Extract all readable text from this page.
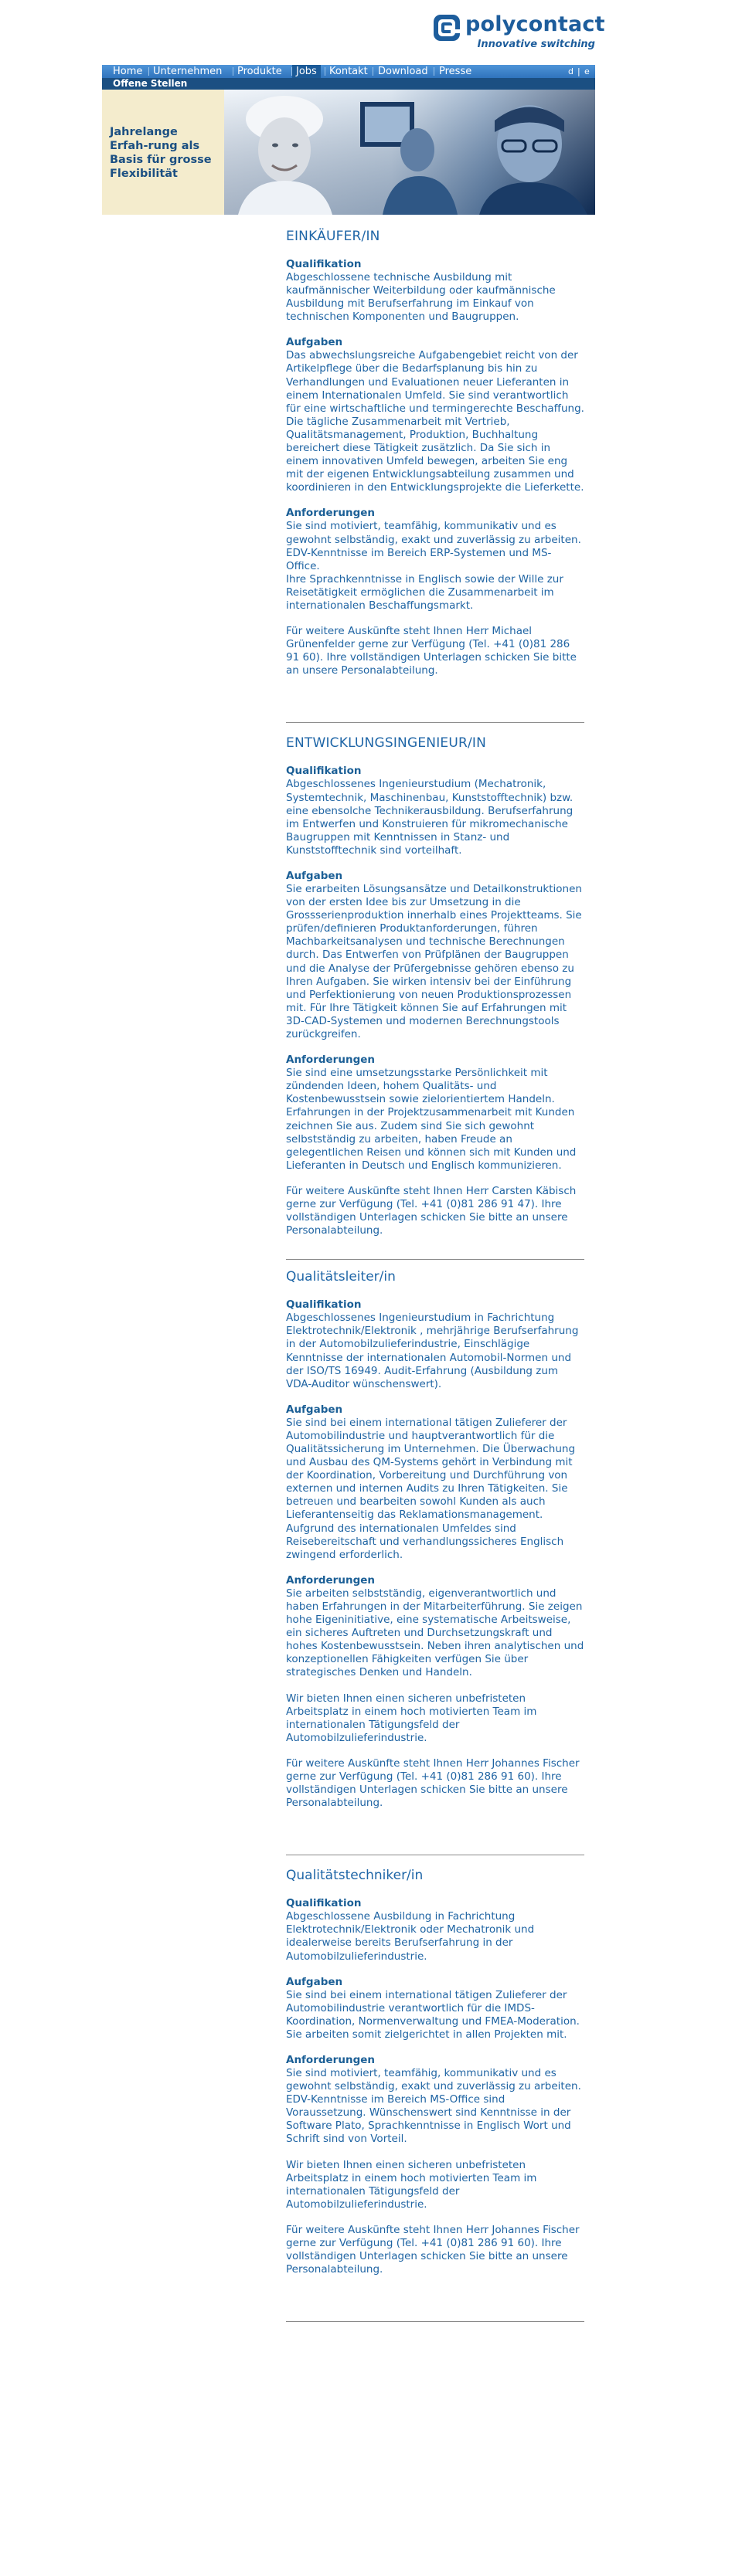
polycontact
Innovative switching
Home Unternehmen Produkte	Jobs	Kontakt Download Presse	d | e
Offene Stellen
Jahrelange Erfah-rung als Basis für grosse Flexibilität
EINKÄUFER/IN

Qualifikation

Abgeschlossene technische Ausbildung mit kaufmännischer Weiterbildung oder kaufmännische Ausbildung mit Berufserfahrung im Einkauf von technischen Komponenten und Baugruppen.

Aufgaben

Das abwechslungsreiche Aufgabengebiet reicht von der Artikelpflege über die Bedarfsplanung bis hin zu Verhandlungen und Evaluationen neuer Lieferanten in einem Internationalen Umfeld. Sie sind verantwortlich für eine wirtschaftliche und termingerechte Beschaffung. Die tägliche Zusammenarbeit mit Vertrieb, Qualitätsmanagement, Produktion, Buchhaltung bereichert diese Tätigkeit zusätzlich. Da Sie sich in einem innovativen Umfeld bewegen, arbeiten Sie eng mit der eigenen Entwicklungsabteilung zusammen und koordinieren in den Entwicklungsprojekte die Lieferkette.

Anforderungen

Sie sind motiviert, teamfähig, kommunikativ und es gewohnt selbständig, exakt und zuverlässig zu arbeiten.
EDV-Kenntnisse im Bereich ERP-Systemen und MS-Office.
Ihre Sprachkenntnisse in Englisch sowie der Wille zur Reisetätigkeit ermöglichen die Zusammenarbeit im internationalen Beschaffungsmarkt.

Für weitere Auskünfte steht Ihnen Herr Michael Grünenfelder gerne zur Verfügung (Tel. +41 (0)81 286 91 60). Ihre vollständigen Unterlagen schicken Sie bitte an unsere Personalabteilung.

ENTWICKLUNGSINGENIEUR/IN

Qualifikation

Abgeschlossenes Ingenieurstudium (Mechatronik, Systemtechnik, Maschinenbau, Kunststofftechnik) bzw. eine ebensolche Technikerausbildung. Berufserfahrung im Entwerfen und Konstruieren für mikromechanische Baugruppen mit Kenntnissen in Stanz- und Kunststofftechnik sind vorteilhaft.

Aufgaben

Sie erarbeiten Lösungsansätze und Detailkonstruktionen von der ersten Idee bis zur Umsetzung in die Grossserienproduktion innerhalb eines Projektteams. Sie prüfen/definieren Produktanforderungen, führen Machbarkeitsanalysen und technische Berechnungen durch. Das Entwerfen von Prüfplänen der Baugruppen und die Analyse der Prüfergebnisse gehören ebenso zu Ihren Aufgaben. Sie wirken intensiv bei der Einführung und Perfektionierung von neuen Produktionsprozessen mit. Für Ihre Tätigkeit können Sie auf Erfahrungen mit 3D-CAD-Systemen und modernen Berechnungstools zurückgreifen.

Anforderungen

Sie sind eine umsetzungsstarke Persönlichkeit mit zündenden Ideen, hohem Qualitäts- und Kostenbewusstsein sowie zielorientiertem Handeln. Erfahrungen in der Projektzusammenarbeit mit Kunden zeichnen Sie aus. Zudem sind Sie sich gewohnt selbstständig zu arbeiten, haben Freude an gelegentlichen Reisen und können sich mit Kunden und Lieferanten in Deutsch und Englisch kommunizieren.

Für weitere Auskünfte steht Ihnen Herr Carsten Käbisch gerne zur Verfügung (Tel. +41 (0)81 286 91 47). Ihre vollständigen Unterlagen schicken Sie bitte an unsere Personalabteilung.

Qualitätsleiter/in

Qualifikation

Abgeschlossenes Ingenieurstudium in Fachrichtung Elektrotechnik/Elektronik , mehrjährige Berufserfahrung in der Automobilzulieferindustrie, Einschlägige Kenntnisse der internationalen Automobil-Normen und der ISO/TS 16949. Audit-Erfahrung (Ausbildung zum VDA-Auditor wünschenswert).

Aufgaben

Sie sind bei einem international tätigen Zulieferer der Automobilindustrie und hauptverantwortlich für die Qualitätssicherung im Unternehmen. Die Überwachung und Ausbau des QM-Systems gehört in Verbindung mit der Koordination, Vorbereitung und Durchführung von externen und internen Audits zu Ihren Tätigkeiten. Sie betreuen und bearbeiten sowohl Kunden als auch Lieferantenseitig das Reklamationsmanagement. Aufgrund des internationalen Umfeldes sind Reisebereitschaft und verhandlungssicheres Englisch zwingend erforderlich.

Anforderungen

Sie arbeiten selbstständig, eigenverantwortlich und haben Erfahrungen in der Mitarbeiterführung. Sie zeigen hohe Eigeninitiative, eine systematische Arbeitsweise, ein sicheres Auftreten und Durchsetzungskraft und hohes Kostenbewusstsein. Neben ihren analytischen und konzeptionellen Fähigkeiten verfügen Sie über strategisches Denken und Handeln.

Wir bieten Ihnen einen sicheren unbefristeten Arbeitsplatz in einem hoch motivierten Team im internationalen Tätigungsfeld der Automobilzulieferindustrie.

Für weitere Auskünfte steht Ihnen Herr Johannes Fischer gerne zur Verfügung (Tel. +41 (0)81 286 91 60). Ihre vollständigen Unterlagen schicken Sie bitte an unsere Personalabteilung.

Qualitätstechniker/in

Qualifikation

Abgeschlossene Ausbildung in Fachrichtung Elektrotechnik/Elektronik oder Mechatronik und idealerweise bereits Berufserfahrung in der Automobilzulieferindustrie.

Aufgaben

Sie sind bei einem international tätigen Zulieferer der Automobilindustrie verantwortlich für die IMDS-Koordination, Normenverwaltung und FMEA-Moderation. Sie arbeiten somit zielgerichtet in allen Projekten mit.

Anforderungen

Sie sind motiviert, teamfähig, kommunikativ und es gewohnt selbständig, exakt und zuverlässig zu arbeiten. EDV-Kenntnisse im Bereich MS-Office sind Voraussetzung. Wünschenswert sind Kenntnisse in der Software Plato, Sprachkenntnisse in Englisch Wort und Schrift sind von Vorteil.

Wir bieten Ihnen einen sicheren unbefristeten Arbeitsplatz in einem hoch motivierten Team im internationalen Tätigungsfeld der Automobilzulieferindustrie.

Für weitere Auskünfte steht Ihnen Herr Johannes Fischer gerne zur Verfügung (Tel. +41 (0)81 286 91 60). Ihre vollständigen Unterlagen schicken Sie bitte an unsere Personalabteilung.
